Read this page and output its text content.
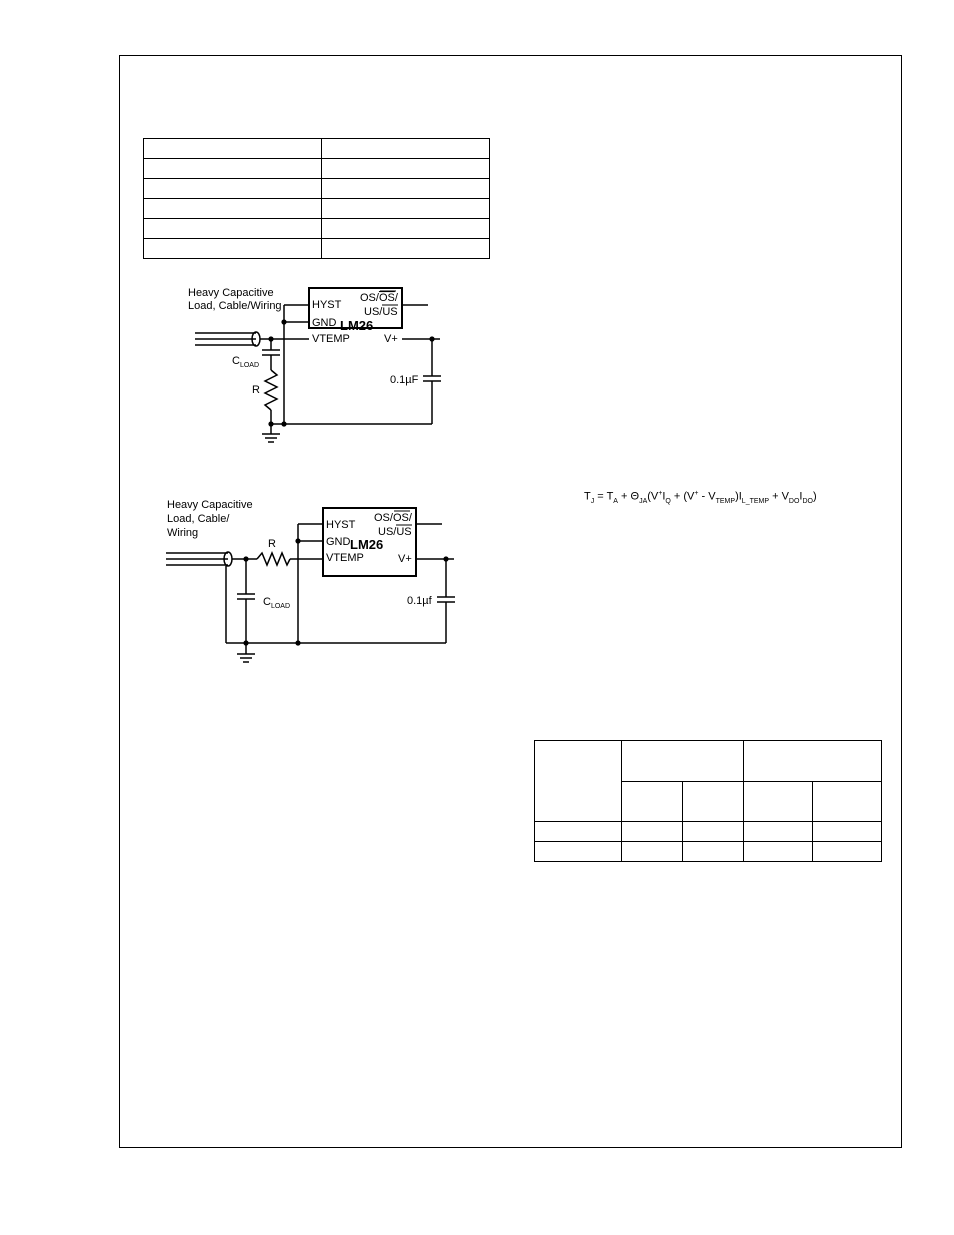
Heavy Capacitive
Load, Cable/Wiring	HYST
GND
VTEMP
LM26
OS/OS/
US/US
V+
$C_{LOAD}$
R
0.1µF
Heavy Capacitive
Load, Cable/
Wiring
HYST
GND
VTEMP
LM26
OS/OS/
US/US
V+
R
$C_{LOAD}$	0.1µf
$T_J = T_A + \Theta_{JA}(V^+I_Q + (V^+ - V_{TEMP})I_{L\_TEMP} + V_{DO}I_{DO})$
